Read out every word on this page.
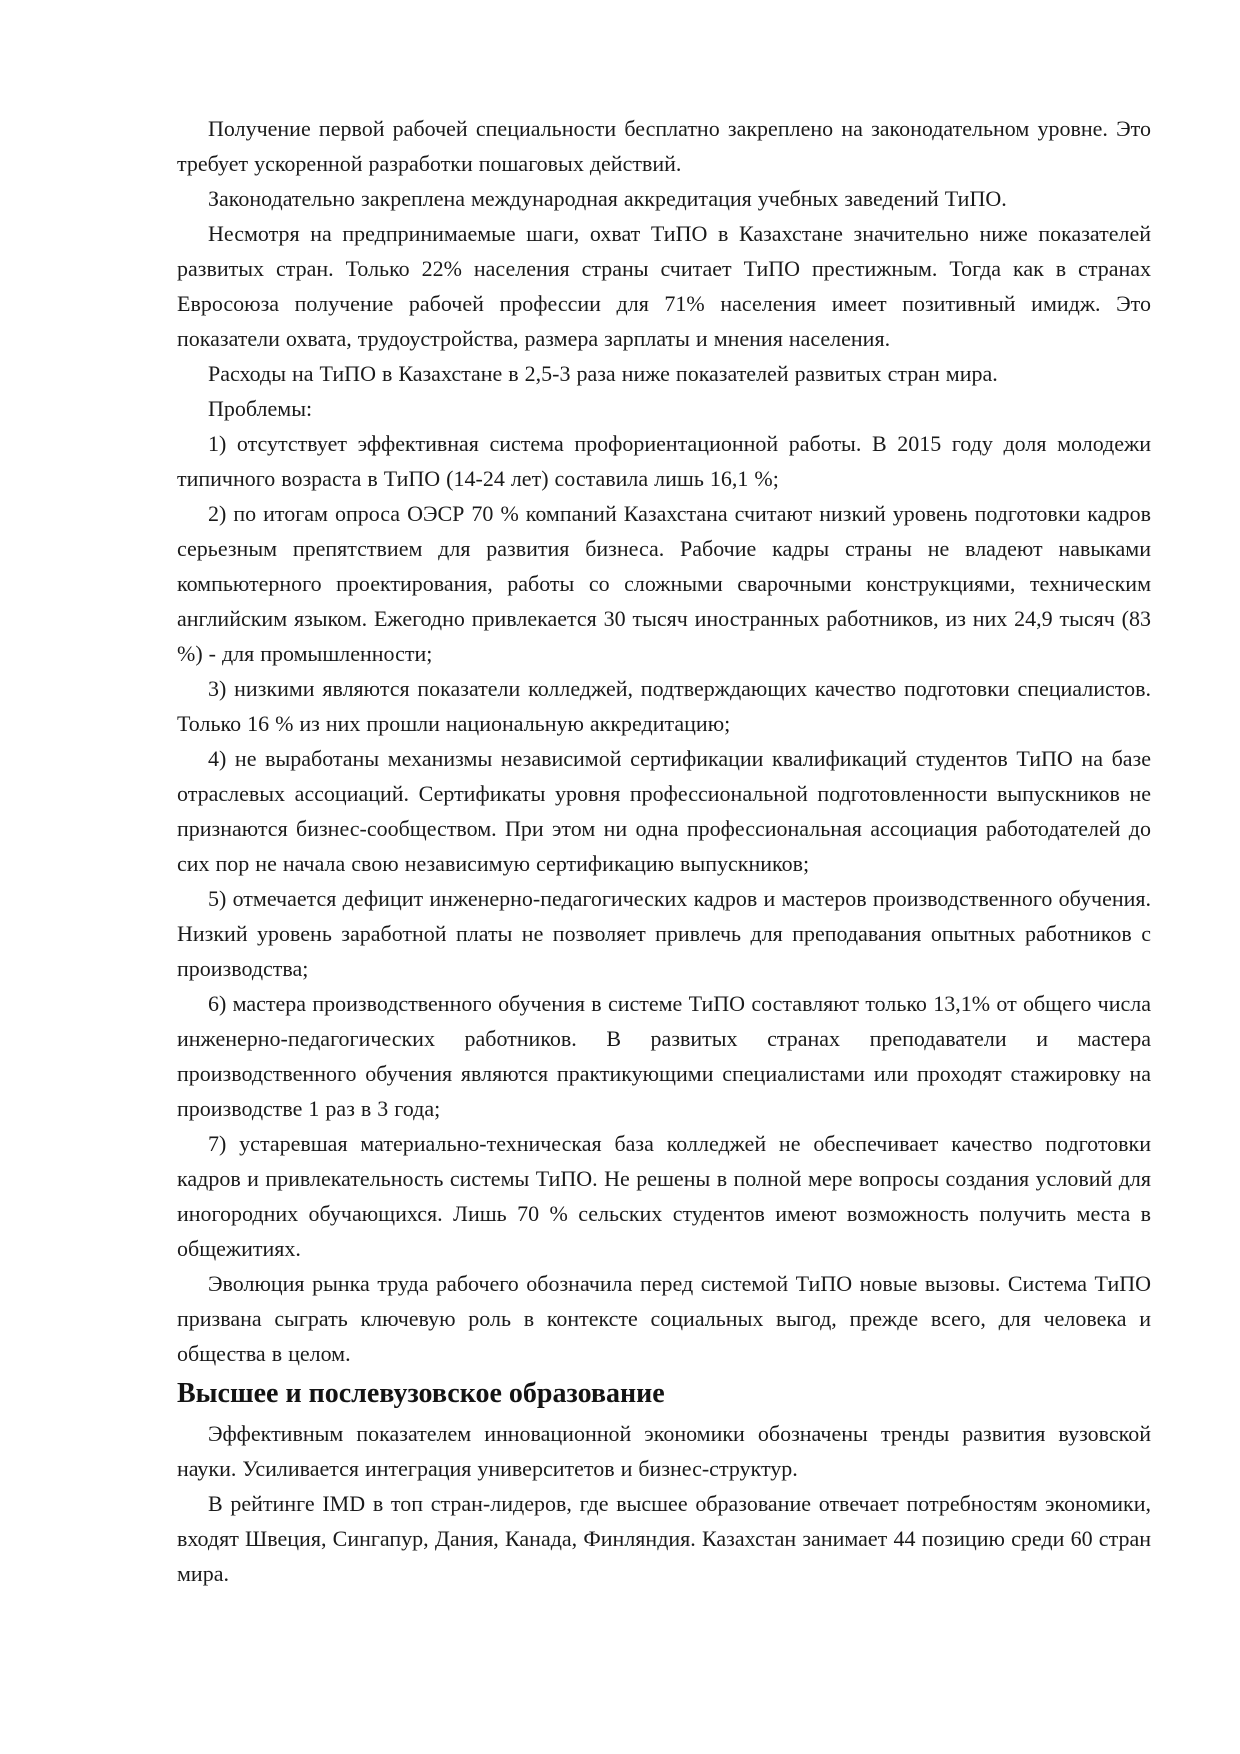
Получение первой рабочей специальности бесплатно закреплено на законодательном уровне. Это требует ускоренной разработки пошаговых действий.

Законодательно закреплена международная аккредитация учебных заведений ТиПО.

Несмотря на предпринимаемые шаги, охват ТиПО в Казахстане значительно ниже показателей развитых стран. Только 22% населения страны считает ТиПО престижным. Тогда как в странах Евросоюза получение рабочей профессии для 71% населения имеет позитивный имидж. Это показатели охвата, трудоустройства, размера зарплаты и мнения населения.

Расходы на ТиПО в Казахстане в 2,5-3 раза ниже показателей развитых стран мира.

Проблемы:

1) отсутствует эффективная система профориентационной работы. В 2015 году доля молодежи типичного возраста в ТиПО (14-24 лет) составила лишь 16,1 %;

2) по итогам опроса ОЭСР 70 % компаний Казахстана считают низкий уровень подготовки кадров серьезным препятствием для развития бизнеса. Рабочие кадры страны не владеют навыками компьютерного проектирования, работы со сложными сварочными конструкциями, техническим английским языком. Ежегодно привлекается 30 тысяч иностранных работников, из них 24,9 тысяч (83 %) - для промышленности;

3) низкими являются показатели колледжей, подтверждающих качество подготовки специалистов. Только 16 % из них прошли национальную аккредитацию;

4) не выработаны механизмы независимой сертификации квалификаций студентов ТиПО на базе отраслевых ассоциаций. Сертификаты уровня профессиональной подготовленности выпускников не признаются бизнес-сообществом. При этом ни одна профессиональная ассоциация работодателей до сих пор не начала свою независимую сертификацию выпускников;

5) отмечается дефицит инженерно-педагогических кадров и мастеров производственного обучения. Низкий уровень заработной платы не позволяет привлечь для преподавания опытных работников с производства;

6) мастера производственного обучения в системе ТиПО составляют только 13,1% от общего числа инженерно-педагогических работников. В развитых странах преподаватели и мастера производственного обучения являются практикующими специалистами или проходят стажировку на производстве 1 раз в 3 года;

7) устаревшая материально-техническая база колледжей не обеспечивает качество подготовки кадров и привлекательность системы ТиПО. Не решены в полной мере вопросы создания условий для иногородних обучающихся. Лишь 70 % сельских студентов имеют возможность получить места в общежитиях.

Эволюция рынка труда рабочего обозначила перед системой ТиПО новые вызовы. Система ТиПО призвана сыграть ключевую роль в контексте социальных выгод, прежде всего, для человека и общества в целом.

Высшее и послевузовское образование

Эффективным показателем инновационной экономики обозначены тренды развития вузовской науки. Усиливается интеграция университетов и бизнес-структур.

В рейтинге IMD в топ стран-лидеров, где высшее образование отвечает потребностям экономики, входят Швеция, Сингапур, Дания, Канада, Финляндия. Казахстан занимает 44 позицию среди 60 стран мира.
